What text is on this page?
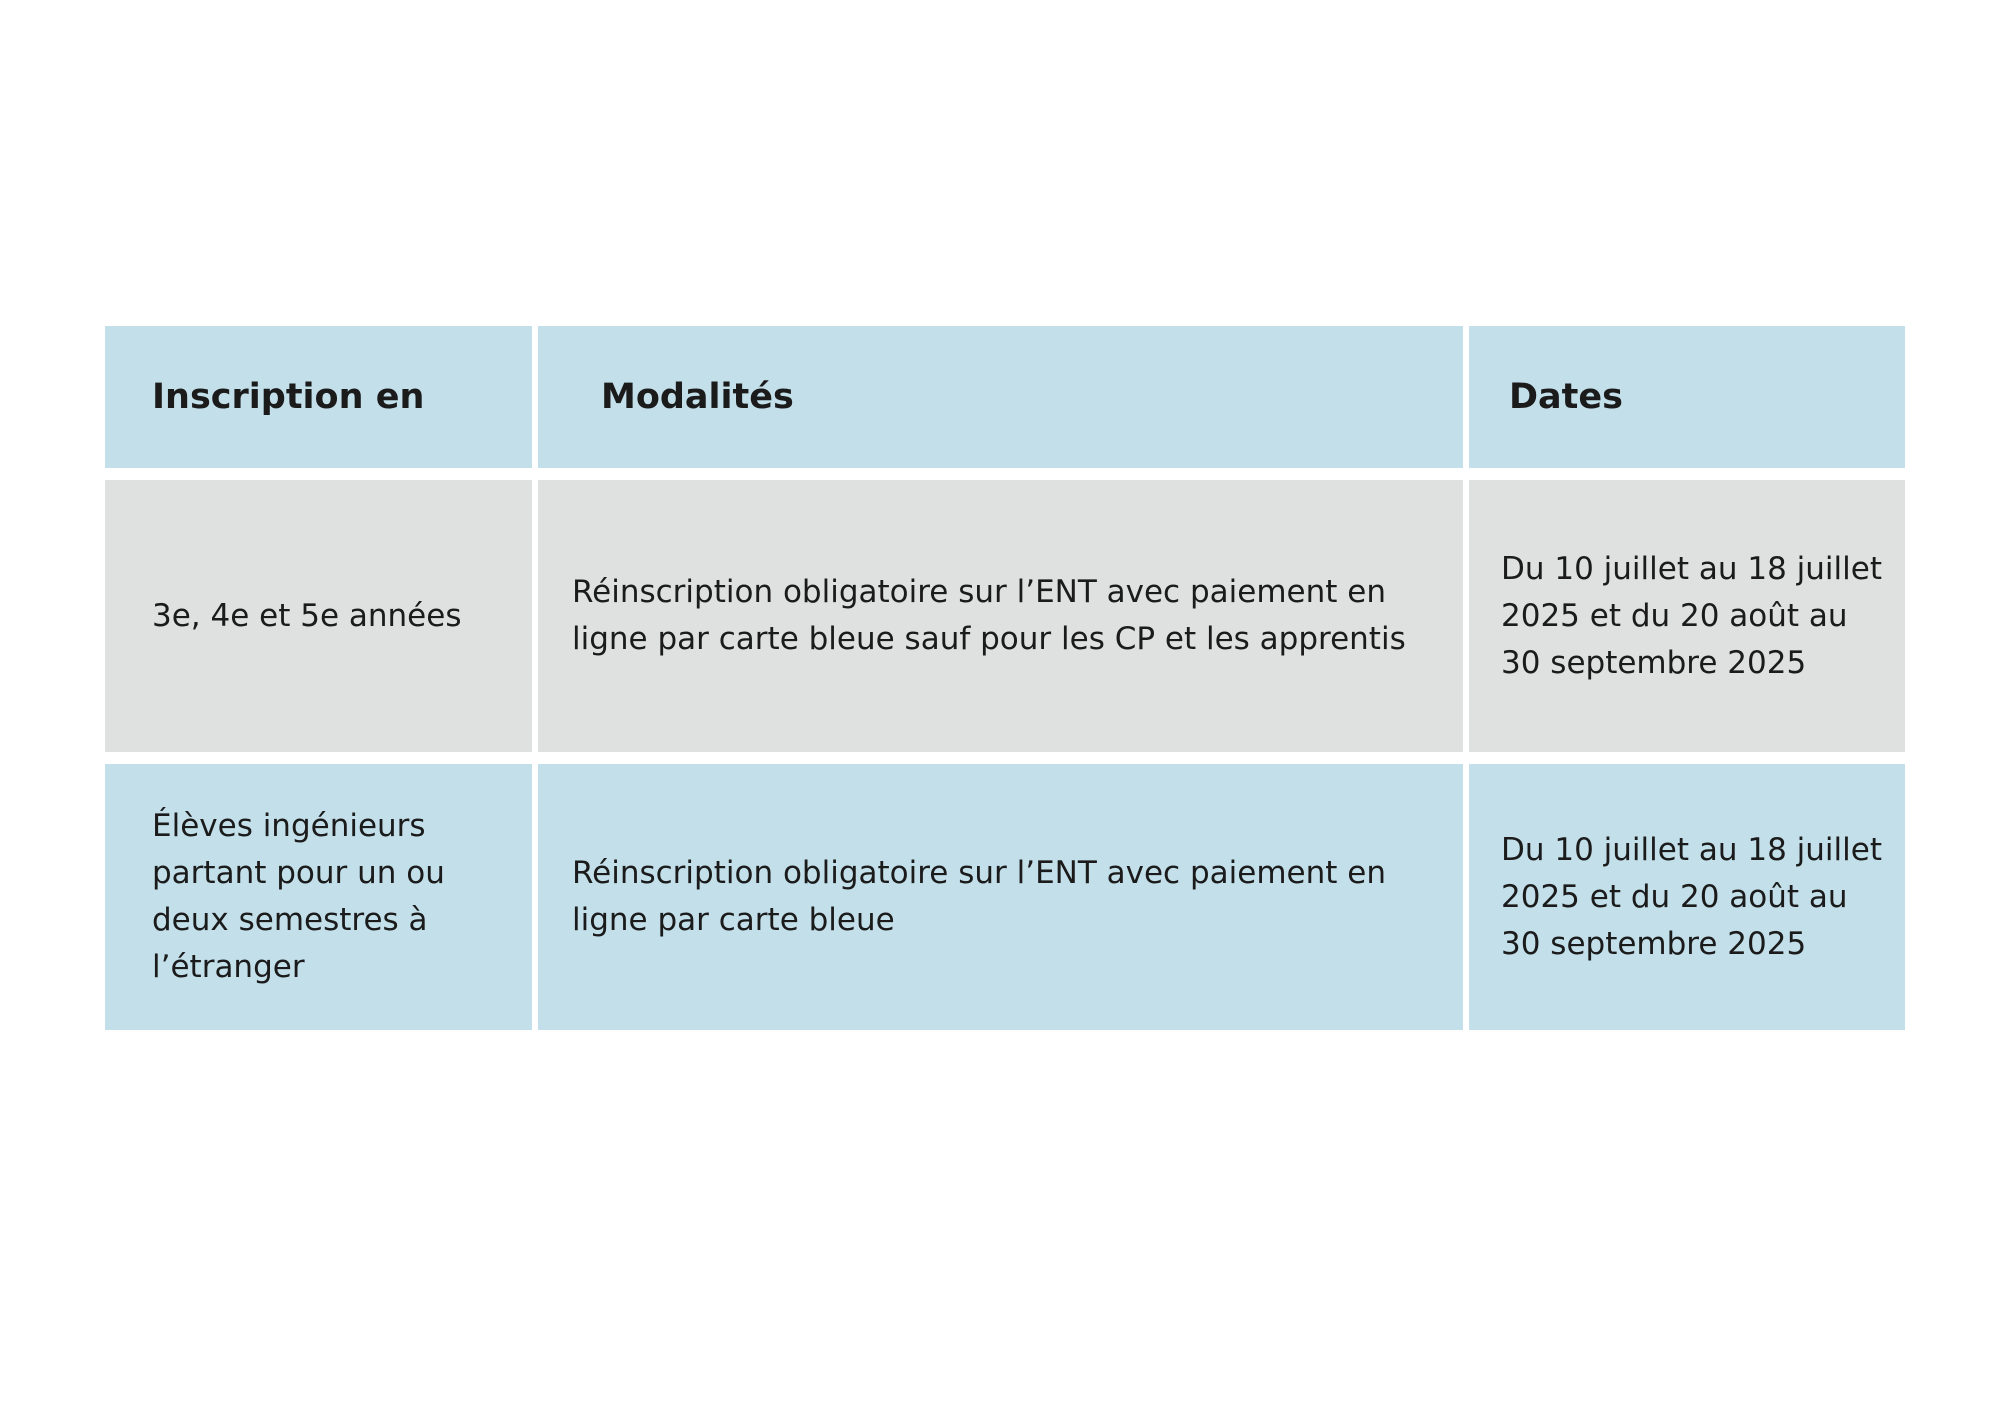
Inscription en	Modalités	Dates
3e, 4e et 5e années
Réinscription obligatoire sur l’ENT avec paiement en ligne par carte bleue sauf pour les CP et les apprentis
Du 10 juillet au 18 juillet 2025 et du 20 août au 30 septembre 2025
Élèves ingénieurs partant pour un ou deux semestres à l’étranger
Réinscription obligatoire sur l’ENT avec paiement en ligne par carte bleue
Du 10 juillet au 18 juillet 2025 et du 20 août au 30 septembre 2025
